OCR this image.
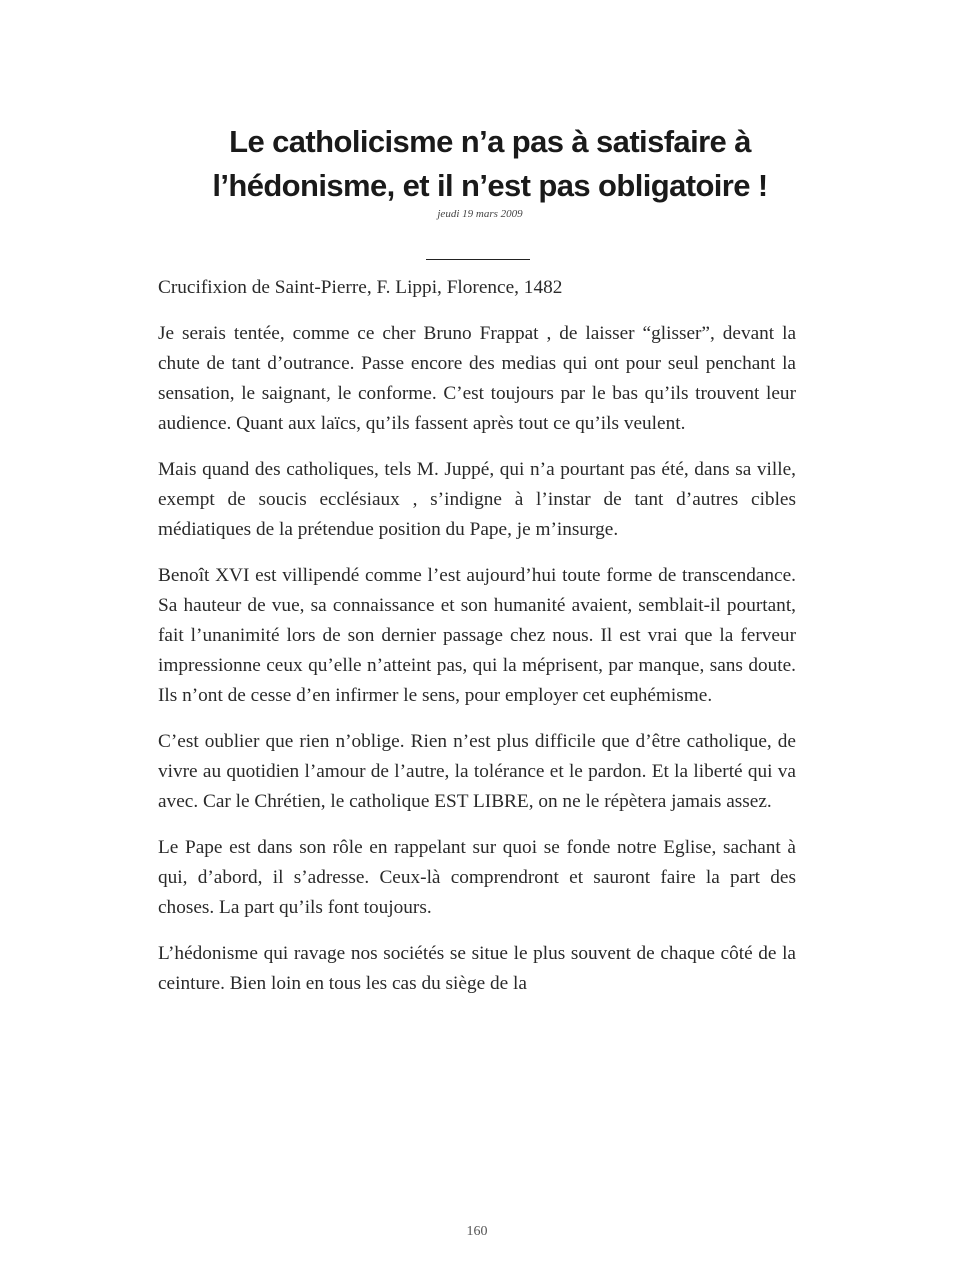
Le catholicisme n’a pas à satisfaire à
l’hédonisme, et il n’est pas obligatoire !
jeudi 19 mars 2009

Crucifixion de Saint-Pierre, F. Lippi, Florence, 1482

Je serais tentée, comme ce cher Bruno Frappat , de laisser “glisser”, devant la chute de tant d’outrance. Passe encore des medias qui ont pour seul penchant la sensation, le saignant, le conforme. C’est toujours par le bas qu’ils trouvent leur audience. Quant aux laïcs, qu’ils fassent après tout ce qu’ils veulent.

Mais quand des catholiques, tels M. Juppé, qui n’a pourtant pas été, dans sa ville, exempt de soucis ecclésiaux , s’indigne à l’instar de tant d’autres cibles médiatiques de la prétendue position du Pape, je m’insurge.

Benoît XVI est villipendé comme l’est aujourd’hui toute forme de transcendance. Sa hauteur de vue, sa connaissance et son humanité avaient, semblait-il pourtant, fait l’unanimité lors de son dernier passage chez nous. Il est vrai que la ferveur impressionne ceux qu’elle n’atteint pas, qui la méprisent, par manque, sans doute. Ils n’ont de cesse d’en infirmer le sens, pour employer cet euphémisme.

C’est oublier que rien n’oblige. Rien n’est plus difficile que d’être catholique, de vivre au quotidien l’amour de l’autre, la tolérance et le pardon. Et la liberté qui va avec. Car le Chrétien, le catholique EST LIBRE, on ne le répètera jamais assez.

Le Pape est dans son rôle en rappelant sur quoi se fonde notre Eglise, sachant à qui, d’abord, il s’adresse. Ceux-là comprendront et sauront faire la part des choses. La part qu’ils font toujours.

L’hédonisme qui ravage nos sociétés se situe le plus souvent de chaque côté de la ceinture. Bien loin en tous les cas du siège de la

160
